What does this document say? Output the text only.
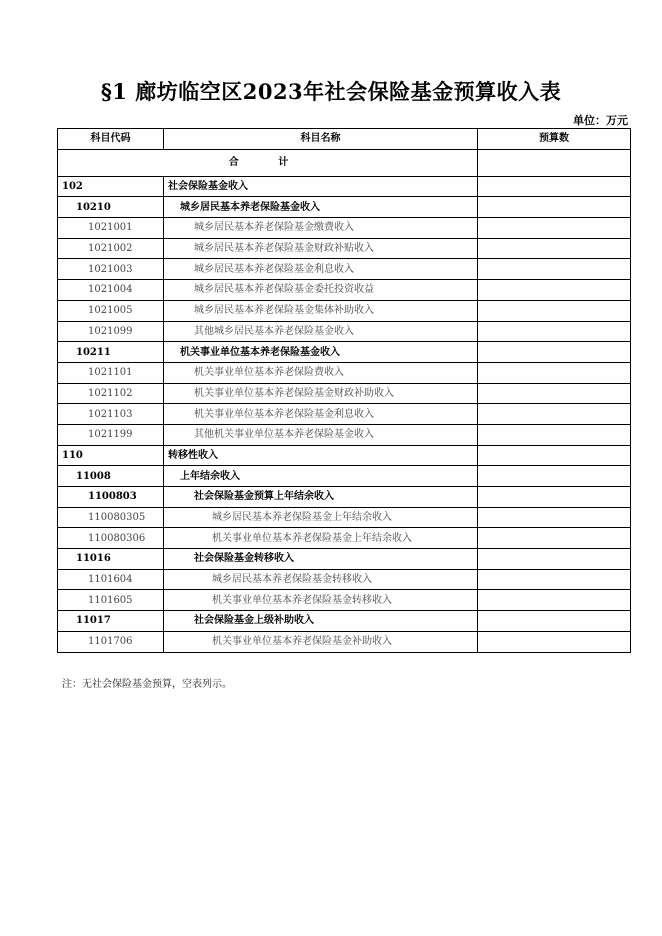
§1 廊坊临空区2023年社会保险基金预算收入表
单位：万元
科目代码	科目名称	预算数
合 计		
102	社会保险基金收入	
10210	城乡居民基本养老保险基金收入	
1021001	城乡居民基本养老保险基金缴费收入	
1021002	城乡居民基本养老保险基金财政补贴收入	
1021003	城乡居民基本养老保险基金利息收入	
1021004	城乡居民基本养老保险基金委托投资收益	
1021005	城乡居民基本养老保险基金集体补助收入	
1021099	其他城乡居民基本养老保险基金收入	
10211	机关事业单位基本养老保险基金收入	
1021101	机关事业单位基本养老保险费收入	
1021102	机关事业单位基本养老保险基金财政补助收入	
1021103	机关事业单位基本养老保险基金利息收入	
1021199	其他机关事业单位基本养老保险基金收入	
110	转移性收入	
11008	上年结余收入	
1100803	社会保险基金预算上年结余收入	
110080305	城乡居民基本养老保险基金上年结余收入	
110080306	机关事业单位基本养老保险基金上年结余收入	
11016	社会保险基金转移收入	
1101604	城乡居民基本养老保险基金转移收入	
1101605	机关事业单位基本养老保险基金转移收入	
11017	社会保险基金上级补助收入	
1101706	机关事业单位基本养老保险基金补助收入	
注：无社会保险基金预算，空表列示。
